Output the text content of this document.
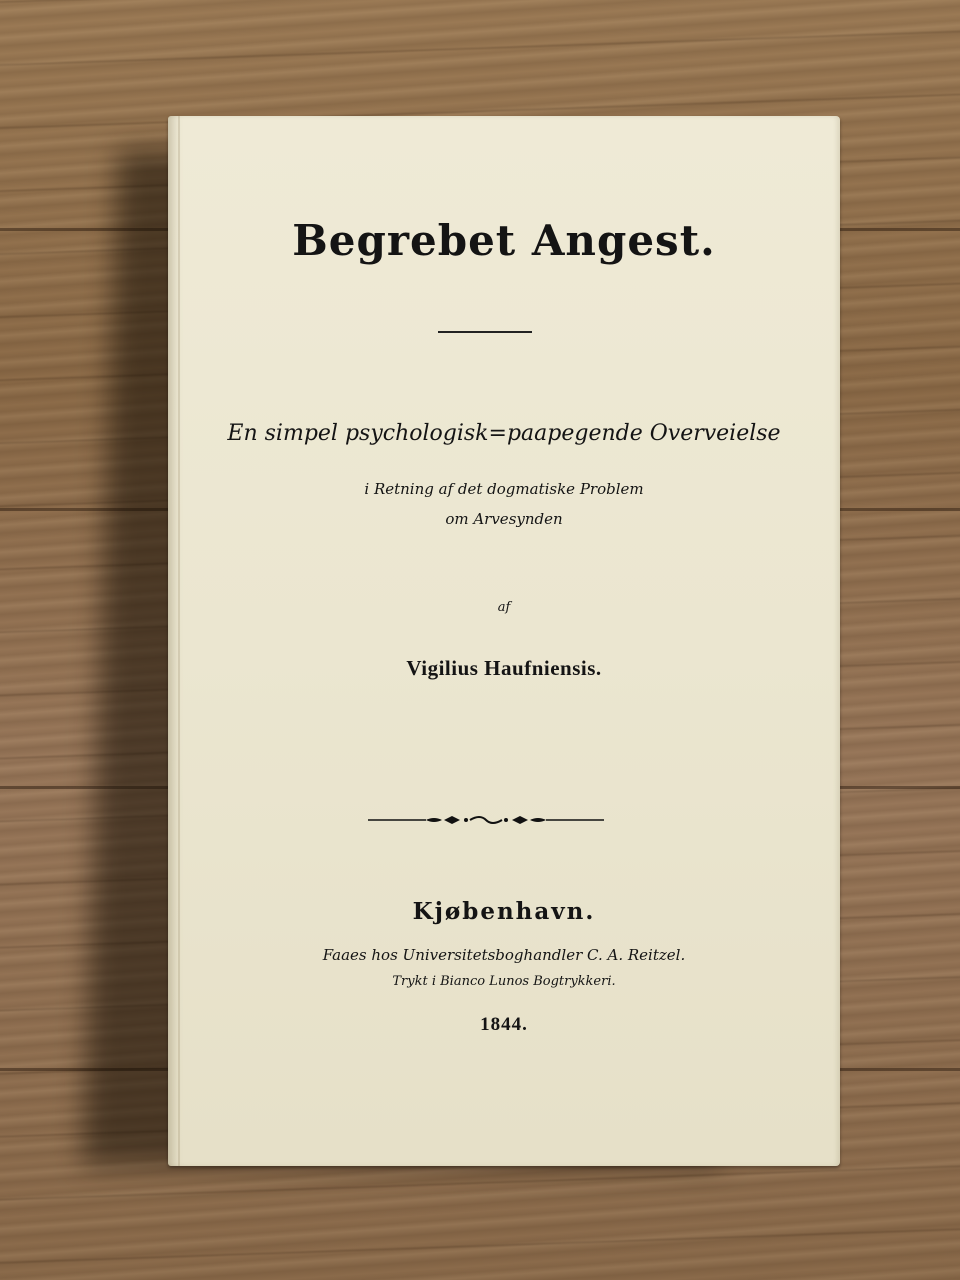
Begrebet Angest.
En simpel psychologisk=paapegende Overveielse
i Retning af det dogmatiske Problem
om Arvesynden
af
Vigilius Haufniensis.
Kjøbenhavn.
Faaes hos Universitetsboghandler C. A. Reitzel.
Trykt i Bianco Lunos Bogtrykkeri.
1844.
